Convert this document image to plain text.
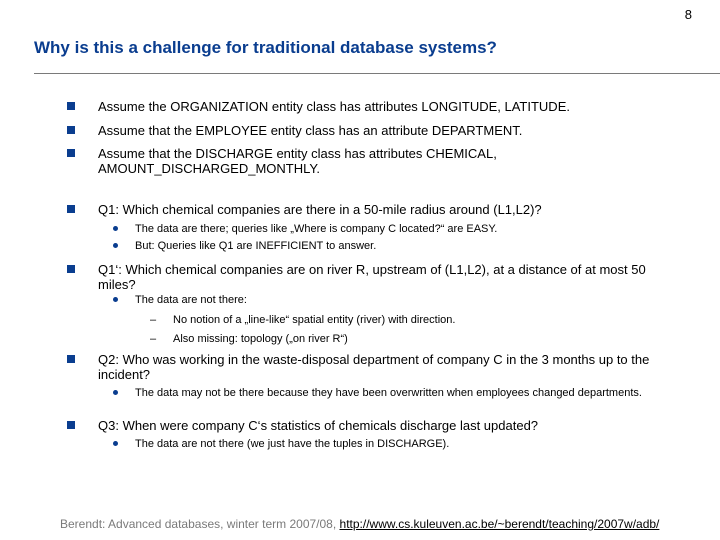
8
Why is this a challenge for traditional database systems?
Assume the ORGANIZATION entity class has attributes LONGITUDE, LATITUDE.
Assume that the EMPLOYEE entity class has an attribute DEPARTMENT.
Assume that the DISCHARGE entity class has attributes CHEMICAL, AMOUNT_DISCHARGED_MONTHLY.
Q1: Which chemical companies are there in a 50-mile radius around (L1,L2)?
The data are there; queries like „Where is company C located?“ are EASY.
But: Queries like Q1 are INEFFICIENT to answer.
Q1‘: Which chemical companies are on river R, upstream of (L1,L2), at a distance of at most 50 miles?
The data are not there:
– No notion of a „line-like“ spatial entity (river) with direction.
– Also missing: topology („on river R“)
Q2: Who was working in the waste-disposal department of company C in the 3 months up to the incident?
The data may not be there because they have been overwritten when employees changed departments.
Q3: When were company C‘s statistics of chemicals discharge last updated?
The data are not there (we just have the tuples in DISCHARGE).
Berendt: Advanced databases, winter term 2007/08, http://www.cs.kuleuven.ac.be/~berendt/teaching/2007w/adb/
